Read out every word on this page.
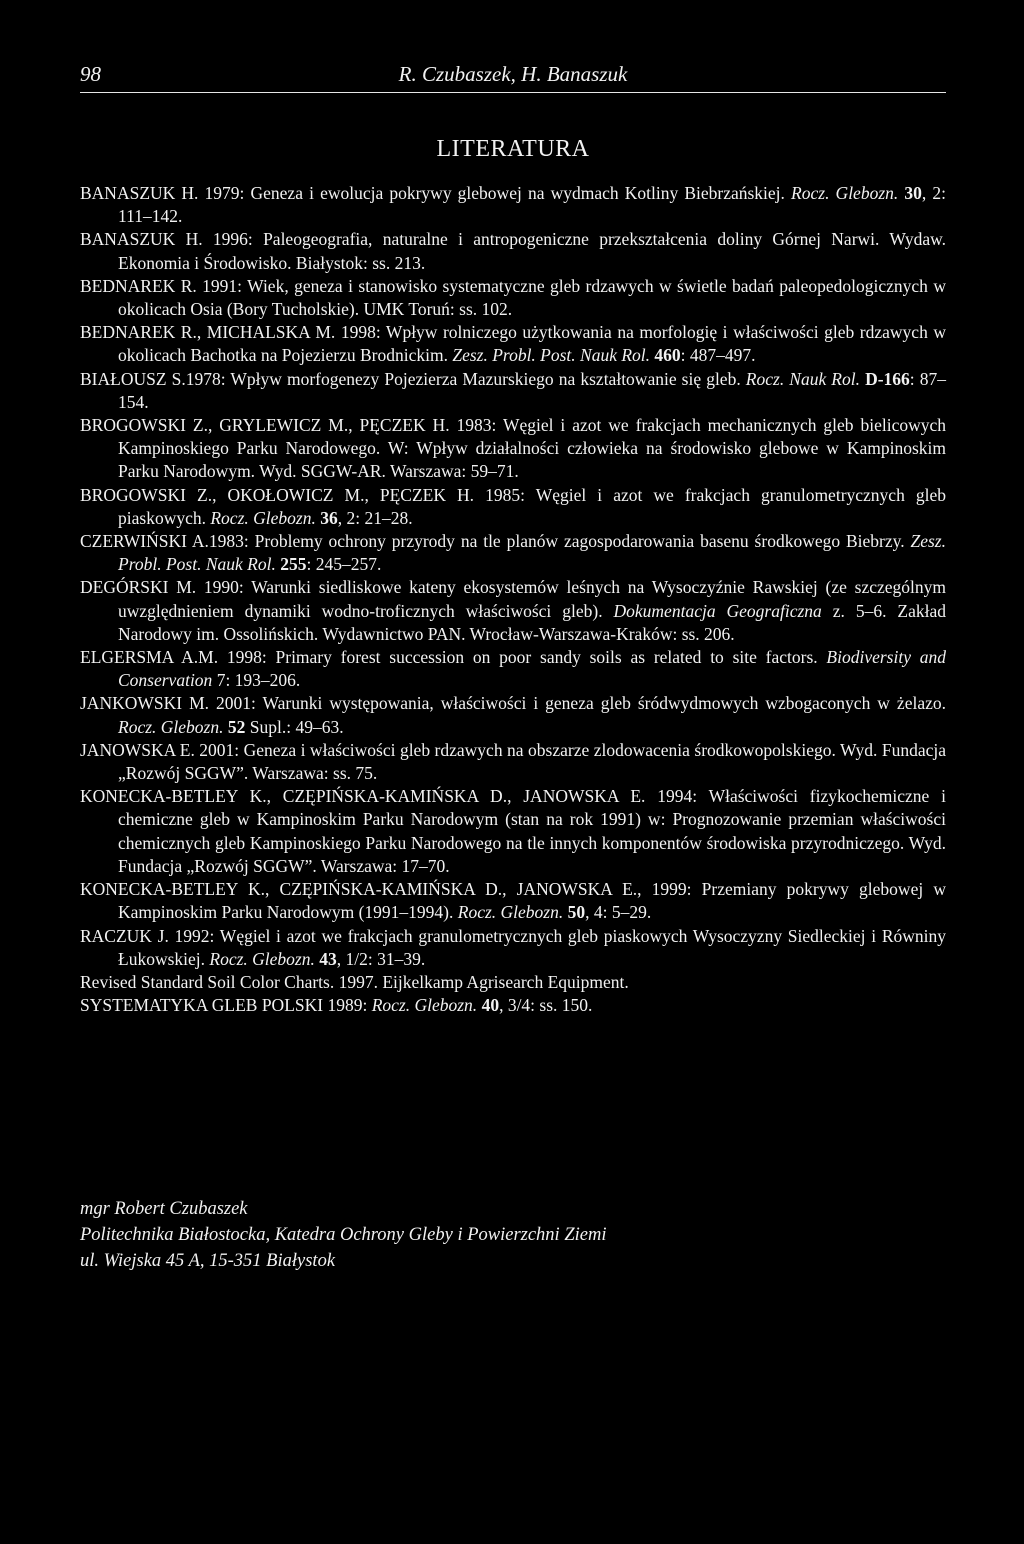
98	R. Czubaszek, H. Banaszuk
LITERATURA
BANASZUK H. 1979: Geneza i ewolucja pokrywy glebowej na wydmach Kotliny Biebrzańskiej. Rocz. Glebozn. 30, 2: 111–142.
BANASZUK H. 1996: Paleogeografia, naturalne i antropogeniczne przekształcenia doliny Górnej Narwi. Wydaw. Ekonomia i Środowisko. Białystok: ss. 213.
BEDNAREK R. 1991: Wiek, geneza i stanowisko systematyczne gleb rdzawych w świetle badań paleopedologicznych w okolicach Osia (Bory Tucholskie). UMK Toruń: ss. 102.
BEDNAREK R., MICHALSKA M. 1998: Wpływ rolniczego użytkowania na morfologię i właściwości gleb rdzawych w okolicach Bachotka na Pojezierzu Brodnickim. Zesz. Probl. Post. Nauk Rol. 460: 487–497.
BIAŁOUSZ S.1978: Wpływ morfogenezy Pojezierza Mazurskiego na kształtowanie się gleb. Rocz. Nauk Rol. D-166: 87–154.
BROGOWSKI Z., GRYLEWICZ M., PĘCZEK H. 1983: Węgiel i azot we frakcjach mechanicznych gleb bielicowych Kampinoskiego Parku Narodowego. W: Wpływ działalności człowieka na środowisko glebowe w Kampinoskim Parku Narodowym. Wyd. SGGW-AR. Warszawa: 59–71.
BROGOWSKI Z., OKOŁOWICZ M., PĘCZEK H. 1985: Węgiel i azot we frakcjach granulometrycznych gleb piaskowych. Rocz. Glebozn. 36, 2: 21–28.
CZERWIŃSKI A.1983: Problemy ochrony przyrody na tle planów zagospodarowania basenu środkowego Biebrzy. Zesz. Probl. Post. Nauk Rol. 255: 245–257.
DEGÓRSKI M. 1990: Warunki siedliskowe kateny ekosystemów leśnych na Wysoczyźnie Rawskiej (ze szczególnym uwzględnieniem dynamiki wodno-troficznych właściwości gleb). Dokumentacja Geograficzna z. 5–6. Zakład Narodowy im. Ossolińskich. Wydawnictwo PAN. Wrocław-Warszawa-Kraków: ss. 206.
ELGERSMA A.M. 1998: Primary forest succession on poor sandy soils as related to site factors. Biodiversity and Conservation 7: 193–206.
JANKOWSKI M. 2001: Warunki występowania, właściwości i geneza gleb śródwydmowych wzbogaconych w żelazo. Rocz. Glebozn. 52 Supl.: 49–63.
JANOWSKA E. 2001: Geneza i właściwości gleb rdzawych na obszarze zlodowacenia środkowopolskiego. Wyd. Fundacja „Rozwój SGGW”. Warszawa: ss. 75.
KONECKA-BETLEY K., CZĘPIŃSKA-KAMIŃSKA D., JANOWSKA E. 1994: Właściwości fizykochemiczne i chemiczne gleb w Kampinoskim Parku Narodowym (stan na rok 1991) w: Prognozowanie przemian właściwości chemicznych gleb Kampinoskiego Parku Narodowego na tle innych komponentów środowiska przyrodniczego. Wyd. Fundacja „Rozwój SGGW”. Warszawa: 17–70.
KONECKA-BETLEY K., CZĘPIŃSKA-KAMIŃSKA D., JANOWSKA E., 1999: Przemiany pokrywy glebowej w Kampinoskim Parku Narodowym (1991–1994). Rocz. Glebozn. 50, 4: 5–29.
RACZUK J. 1992: Węgiel i azot we frakcjach granulometrycznych gleb piaskowych Wysoczyzny Siedleckiej i Równiny Łukowskiej. Rocz. Glebozn. 43, 1/2: 31–39.
Revised Standard Soil Color Charts. 1997. Eijkelkamp Agrisearch Equipment.
SYSTEMATYKA GLEB POLSKI 1989: Rocz. Glebozn. 40, 3/4: ss. 150.
mgr Robert Czubaszek
Politechnika Białostocka, Katedra Ochrony Gleby i Powierzchni Ziemi
ul. Wiejska 45 A, 15-351 Białystok
